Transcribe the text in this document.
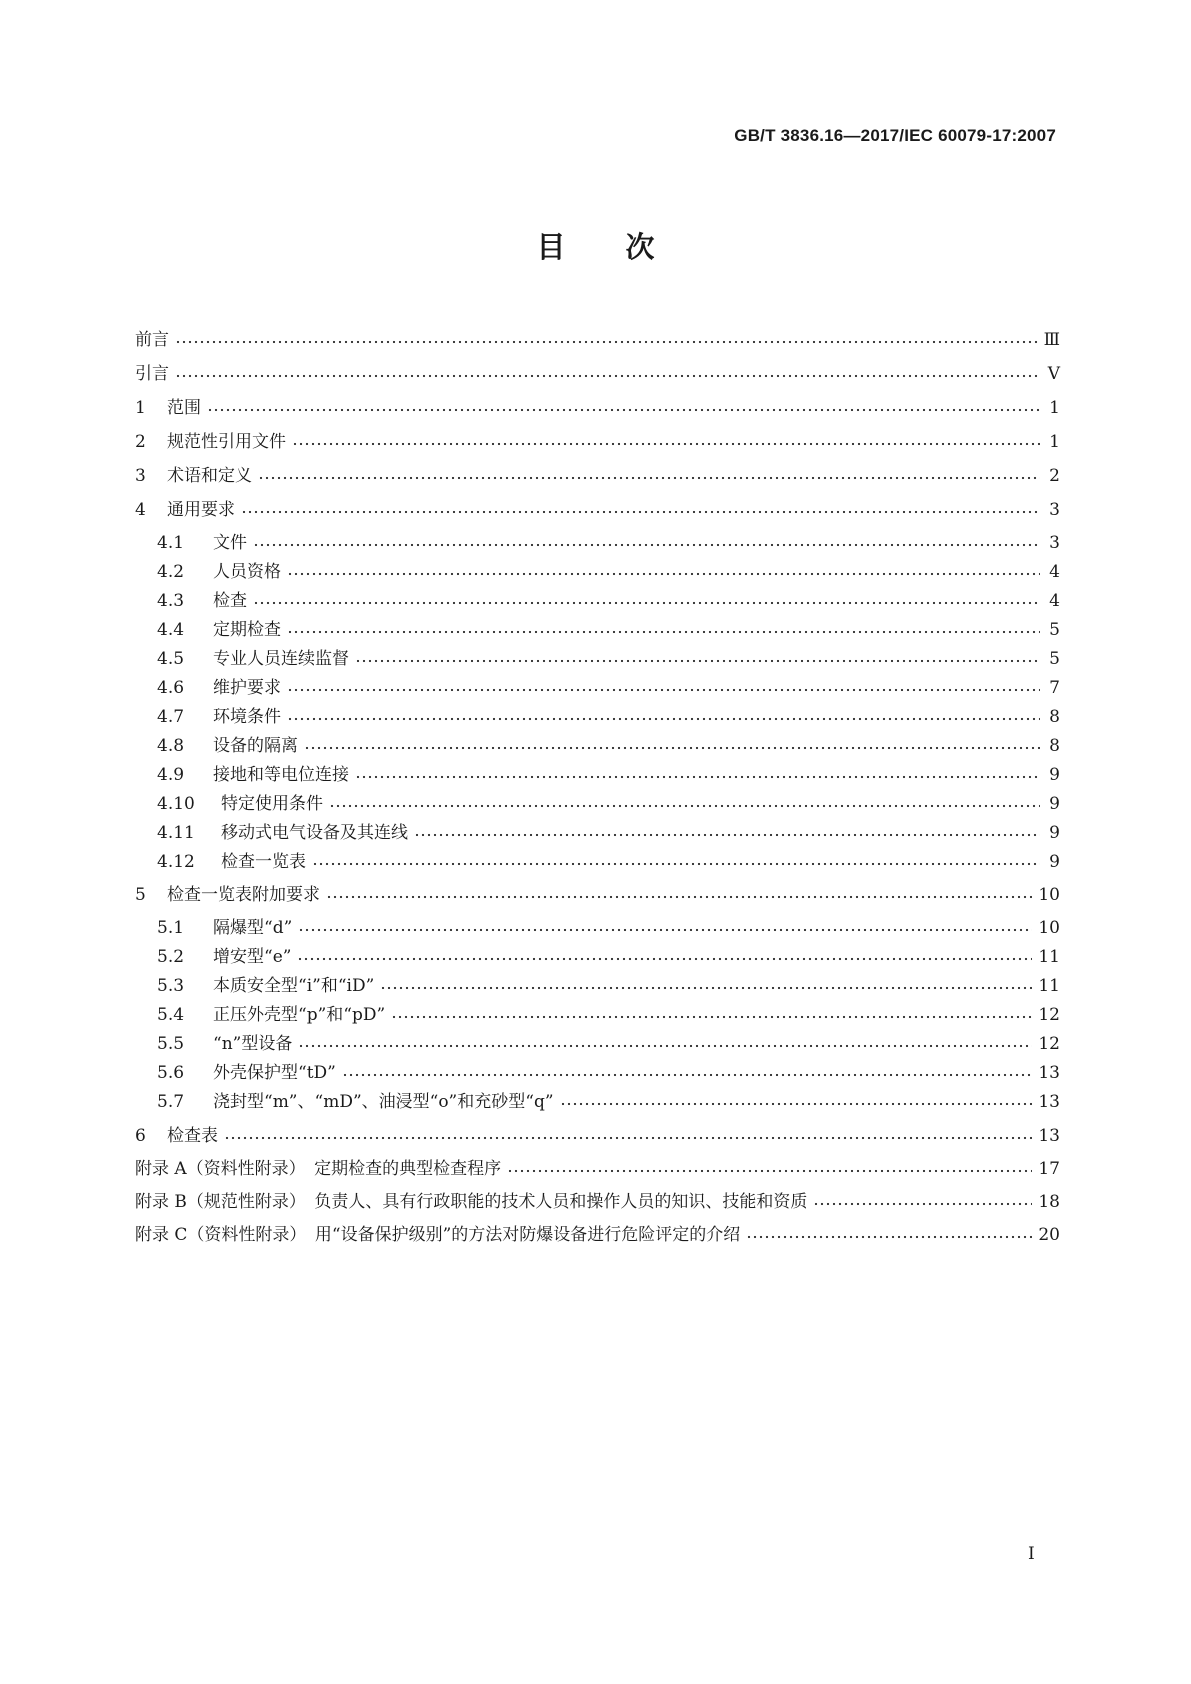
GB/T 3836.16—2017/IEC 60079-17:2007
目次
前言	Ⅲ
引言	Ⅴ
1	范围	1
2	规范性引用文件	1
3	术语和定义	2
4	通用要求	3
4.1	文件	3
4.2	人员资格	4
4.3	检查	4
4.4	定期检查	5
4.5	专业人员连续监督	5
4.6	维护要求	7
4.7	环境条件	8
4.8	设备的隔离	8
4.9	接地和等电位连接	9
4.10	特定使用条件	9
4.11	移动式电气设备及其连线	9
4.12	检查一览表	9
5	检查一览表附加要求	10
5.1	隔爆型“d”	10
5.2	增安型“e”	11
5.3	本质安全型“i”和“iD”	11
5.4	正压外壳型“p”和“pD”	12
5.5	“n”型设备	12
5.6	外壳保护型“tD”	13
5.7	浇封型“m”、“mD”、油浸型“o”和充砂型“q”	13
6	检查表	13
附录 A（资料性附录）　定期检查的典型检查程序	17
附录 B（规范性附录）　负责人、具有行政职能的技术人员和操作人员的知识、技能和资质	18
附录 C（资料性附录）　用“设备保护级别”的方法对防爆设备进行危险评定的介绍	20
I
